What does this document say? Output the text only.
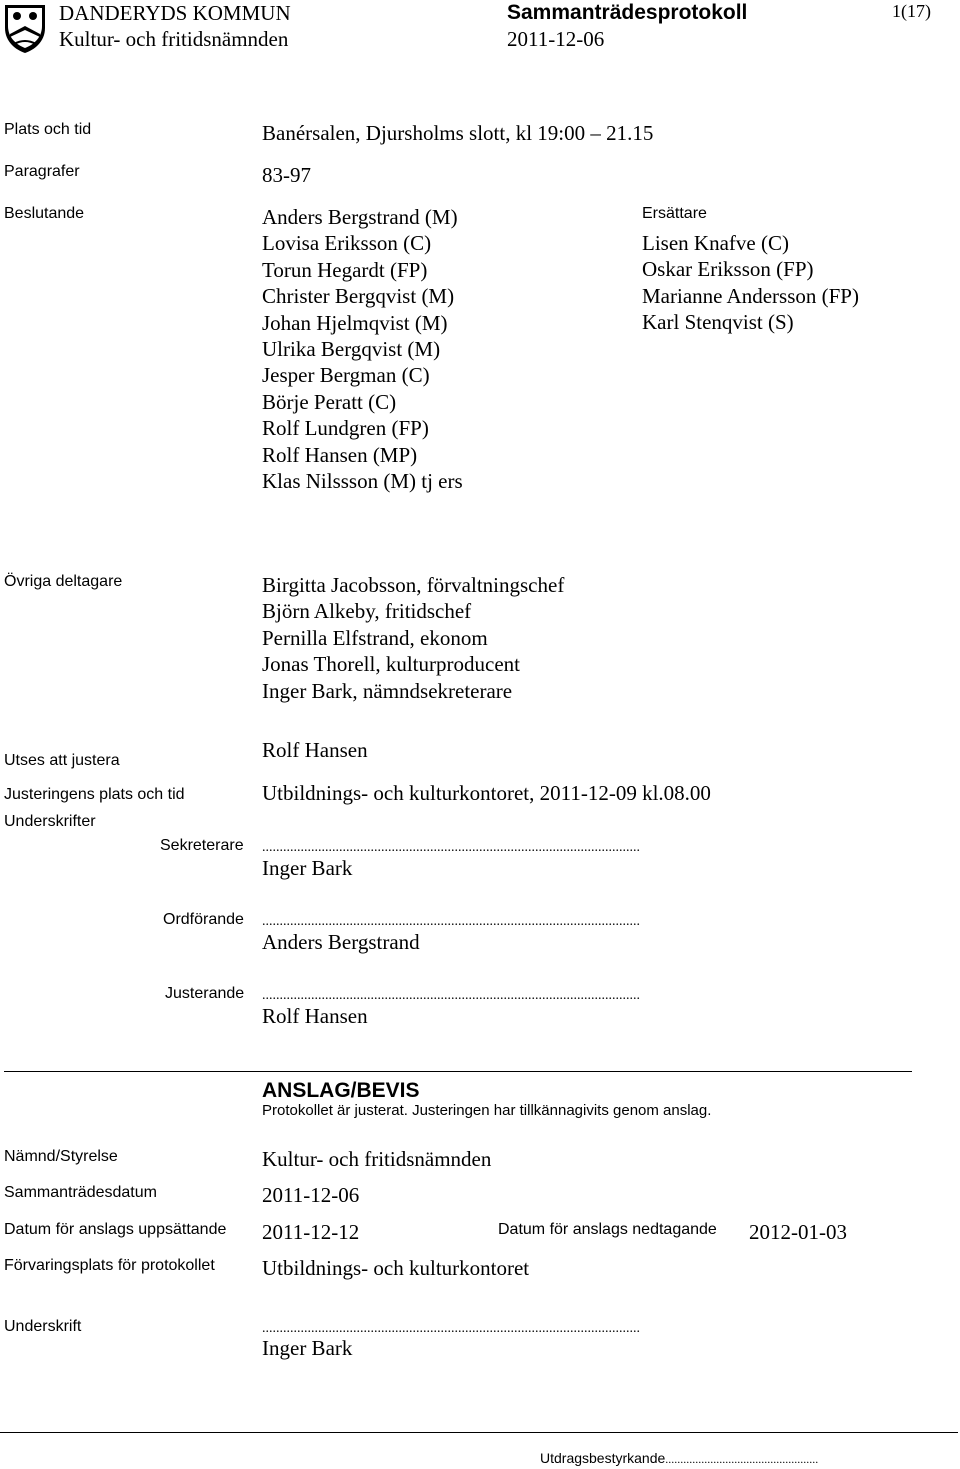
DANDERYDS KOMMUN
Kultur- och fritidsnämnden
Sammanträdesprotokoll
2011-12-06
1(17)
Plats och tid	Banérsalen, Djursholms slott, kl 19:00 – 21.15
Paragrafer	83-97
Beslutande	Anders Bergstrand (M)
Lovisa Eriksson (C)
Torun Hegardt (FP)
Christer Bergqvist (M)
Johan Hjelmqvist (M)
Ulrika Bergqvist (M)
Jesper Bergman (C)
Börje Peratt (C)
Rolf Lundgren (FP)
Rolf Hansen (MP)
Klas Nilssson (M) tj ers
Ersättare
Lisen Knafve (C)
Oskar Eriksson (FP)
Marianne Andersson (FP)
Karl Stenqvist (S)
Övriga deltagare	Birgitta Jacobsson, förvaltningschef
Björn Alkeby, fritidschef
Pernilla Elfstrand, ekonom
Jonas Thorell, kulturproducent
Inger Bark, nämndsekreterare
Utses att justera	Rolf Hansen
Justeringens plats och tid	Utbildnings- och kulturkontoret, 2011-12-09 kl.08.00
Underskrifter
Sekreterare ............................................................................................................
Inger Bark
Ordförande ............................................................................................................
Anders Bergstrand
Justerande ............................................................................................................
Rolf Hansen
ANSLAG/BEVIS
Protokollet är justerat. Justeringen har tillkännagivits genom anslag.
Nämnd/Styrelse	Kultur- och fritidsnämnden
Sammanträdesdatum	2011-12-06
Datum för anslags uppsättande 2011-12-12	Datum för anslags nedtagande 2012-01-03
Förvaringsplats för protokollet Utbildnings- och kulturkontoret
Underskrift	............................................................................................................
Inger Bark
Utdragsbestyrkande...................................................
